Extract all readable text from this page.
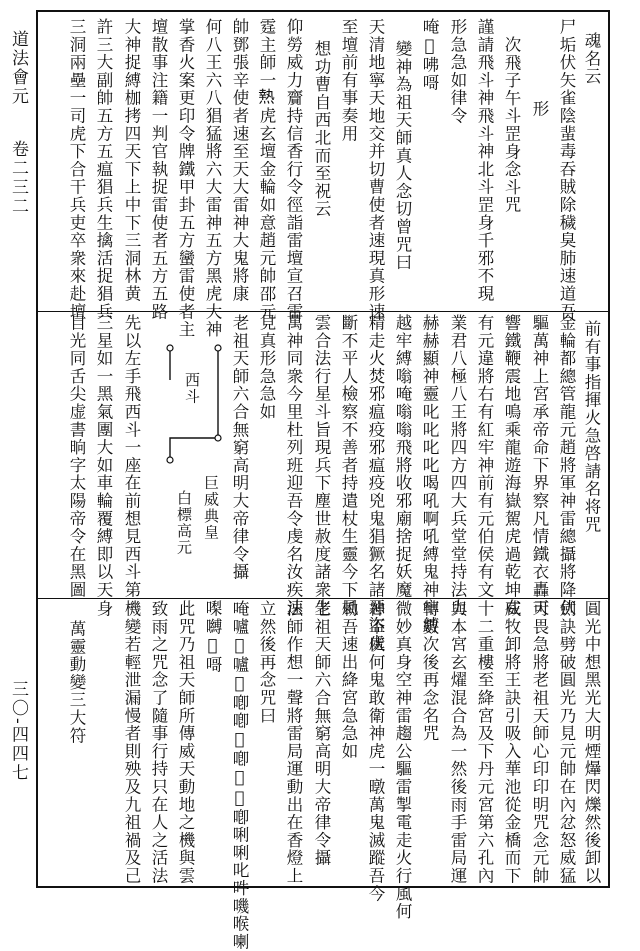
道法會元
卷二三二
三〇-四四七
魂名云
尸垢伏矢雀陰蜚毒吞賊除穢臭肺速道吾
形
次飛子午斗罡身念斗咒
謹請飛斗神飛斗神北斗罡身千邪不現
形急急如律令
唵𠺗咈𠹭
變神為祖天師真人念切曾咒曰
天清地寧天地交并切曹使者速現真形速
至壇前有事奏用
想功曹自西北而至祝云
仰勞威力齎持信香行令徑詣雷壇宣召雷
霆主師一𤍠虎玄壇金輪如意趙元帥邵元
帥鄧張辛使者速至天大雷神大鬼將康
何八王六八猖猛將六大雷神五方黑虎大神
掌香火案更印令牌鐵甲卦五方蠻雷使者主
壇散事注籍一判官執捉雷使者五方五路
大神捉縛枷拷四天下上中下三洞林黄
許三大副帥五方五瘟猖兵生擒活捉猖兵
三洞兩壘一司虎下合干兵吏卒衆來赴壇
前有事指揮火急啓請名将咒
金輪都總管龍元趙將軍神雷總攝將降伏
驅萬神上宮承帝命下界察凡情鐵衣轟天
響鐵鞭震地鳴乘龍遊海嶽駕虎過乾坤在
有元違將右有紅牢神前有元伯侯有文
業君八極八王將四方四大兵堂堂持法力
赫赫顯神靈叱叱叱叱喝吼啊吼縛鬼神牢縛
越牢縛嗡唵嗡嗡飛將收邪廟捨捉妖魔
精走火焚邪瘟疫邪瘟疫兇鬼猖獗名諸惡盜處
斷不平人檢察不善者持遣杖生靈今下風
雲合法行星斗旨現兵下塵世赦度諸衆生
萬神同衆今里杜列班迎吾令虔名汝疾速
見真形急急如
老祖天師六合無窮高明大帝律令攝
西斗
巨威典皇
白標高元
先以左手飛西斗一座在前想見西斗第
三星如一黑氣團大如車輪覆縛即以天
目光同舌尖虚書晌字太陽帝令在黑圖
圓光中想黑光大明煙爗閃爍然後卸以
劍訣劈破圓光乃見元帥在內忿怒威猛
可畏急將老祖天師心印印明咒念元帥
威牧卸將王訣引吸入華池從金橋而下
十二重樓至絳宮及下丹元宮第六孔內
與本宮玄燿混合為一然後雨手雷局運
轉數次後再念名咒
微妙真身空神雷趨公驅雷掣電走火行風何
神不伏何鬼敢衛神虎一暾萬鬼滅蹤吾今
勑吾速出絳宮急急如
老祖天師六合無窮高明大帝律令攝
法師作想一聲將雷局運動出在香燈上
立然後再念咒曰
唵嚧𠸗嚧𠸗喞喞𠸗喞𠸗𠸗喞唎唎叱吽嘰喉喇
𠼝嚩𡁠𠹭
此咒乃祖天師所傳威天動地之機與雲
致雨之咒念了隨事行持只在人之活法
機變若輕泄漏慢者則殃及九祖禍及己
身
萬靈動變三大符
